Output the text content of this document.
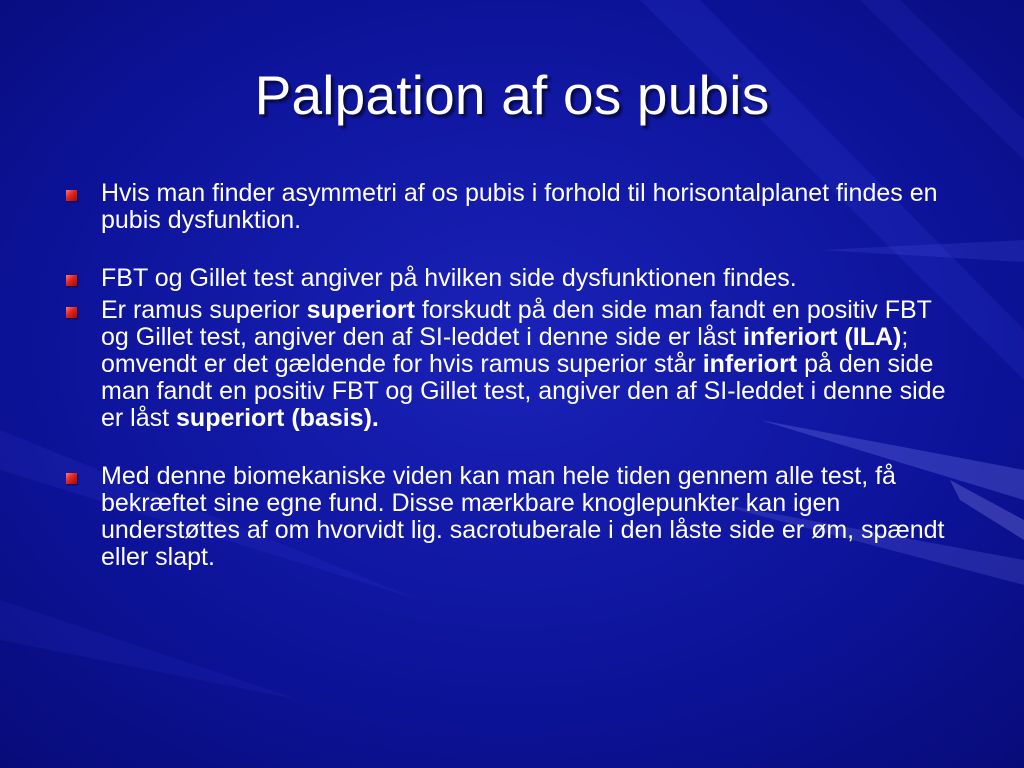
Palpation af os pubis
Hvis man finder asymmetri af os pubis i forhold til horisontalplanet findes en pubis dysfunktion.
FBT og Gillet test angiver på hvilken side dysfunktionen findes.
Er ramus superior superiort forskudt på den side man fandt en positiv FBT og Gillet test, angiver den af SI-leddet i denne side er låst inferiort (ILA); omvendt er det gældende for hvis ramus superior står inferiort på den side man fandt en positiv FBT og Gillet test, angiver den af SI-leddet i denne side er låst superiort (basis).
Med denne biomekaniske viden kan man hele tiden gennem alle test, få bekræftet sine egne fund. Disse mærkbare knoglepunkter kan igen understøttes af om hvorvidt lig. sacrotuberale i den låste side er øm, spændt eller slapt.
